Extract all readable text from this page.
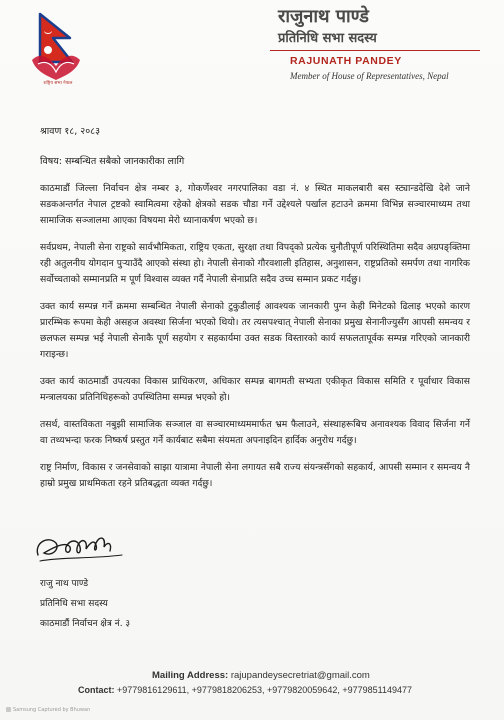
राष्ट्रिय सभा नेपाल
राजुनाथ पाण्डे
प्रतिनिधि सभा सदस्य
RAJUNATH PANDEY
Member of House of Representatives, Nepal
श्रावण १८, २०८३
विषय: सम्बन्धित सबैको जानकारीका लागि

काठमाडौं जिल्ला निर्वाचन क्षेत्र नम्बर ३, गोकर्णेश्वर नगरपालिका वडा नं. ४ स्थित माकलबारी बस स्ट्यान्डदेखि देशे जाने सडकअन्तर्गत नेपाल ट्रष्टको स्वामित्वमा रहेको क्षेत्रको सडक चौडा गर्ने उद्देश्यले पर्खाल हटाउने क्रममा विभिन्न सञ्चारमाध्यम तथा सामाजिक सञ्जालमा आएका विषयमा मेरो ध्यानाकर्षण भएको छ।

सर्वप्रथम, नेपाली सेना राष्ट्रको सार्वभौमिकता, राष्ट्रिय एकता, सुरक्षा तथा विपद्को प्रत्येक चुनौतीपूर्ण परिस्थितिमा सदैव अग्रपङ्क्तिमा रही अतुलनीय योगदान पुऱ्याउँदै आएको संस्था हो। नेपाली सेनाको गौरवशाली इतिहास, अनुशासन, राष्ट्रप्रतिको समर्पण तथा नागरिक सर्वोच्चताको सम्मानप्रति म पूर्ण विश्वास व्यक्त गर्दै नेपाली सेनाप्रति सदैव उच्च सम्मान प्रकट गर्दछु।

उक्त कार्य सम्पन्न गर्ने क्रममा सम्बन्धित नेपाली सेनाको टुकुडीलाई आवश्यक जानकारी पुग्न केही मिनेटको ढिलाइ भएको कारण प्रारम्भिक रूपमा केही असहज अवस्था सिर्जना भएको थियो। तर त्यसपश्चात् नेपाली सेनाका प्रमुख सेनानीज्युसँग आपसी समन्वय र छलफल सम्पन्न भई नेपाली सेनाकै पूर्ण सहयोग र सहकार्यमा उक्त सडक विस्तारको कार्य सफलतापूर्वक सम्पन्न गरिएको जानकारी गराइन्छ।

उक्त कार्य काठमाडौं उपत्यका विकास प्राधिकरण, अधिकार सम्पन्न बागमती सभ्यता एकीकृत विकास समिति र पूर्वाधार विकास मन्त्रालयका प्रतिनिधिहरूको उपस्थितिमा सम्पन्न भएको हो।

तसर्थ, वास्तविकता नबुझी सामाजिक सञ्जाल वा सञ्चारमाध्यममार्फत भ्रम फैलाउने, संस्थाहरूबिच अनावश्यक विवाद सिर्जना गर्ने वा तथ्यभन्दा फरक निष्कर्ष प्रस्तुत गर्ने कार्यबाट सबैमा संयमता अपनाइदिन हार्दिक अनुरोध गर्दछु।

राष्ट्र निर्माण, विकास र जनसेवाको साझा यात्रामा नेपाली सेना लगायत सबै राज्य संयन्त्रसँगको सहकार्य, आपसी सम्मान र समन्वय नै हाम्रो प्रमुख प्राथमिकता रहने प्रतिबद्धता व्यक्त गर्दछु।

राजु नाथ पाण्डे
प्रतिनिधि सभा सदस्य
काठमाडौं निर्वाचन क्षेत्र नं. ३
Mailing Address: rajupandeysecretriat@gmail.com
Contact: +9779816129611, +9779818206253, +9779820059642, +9779851149477
Samsung Captured by Bhuwan
